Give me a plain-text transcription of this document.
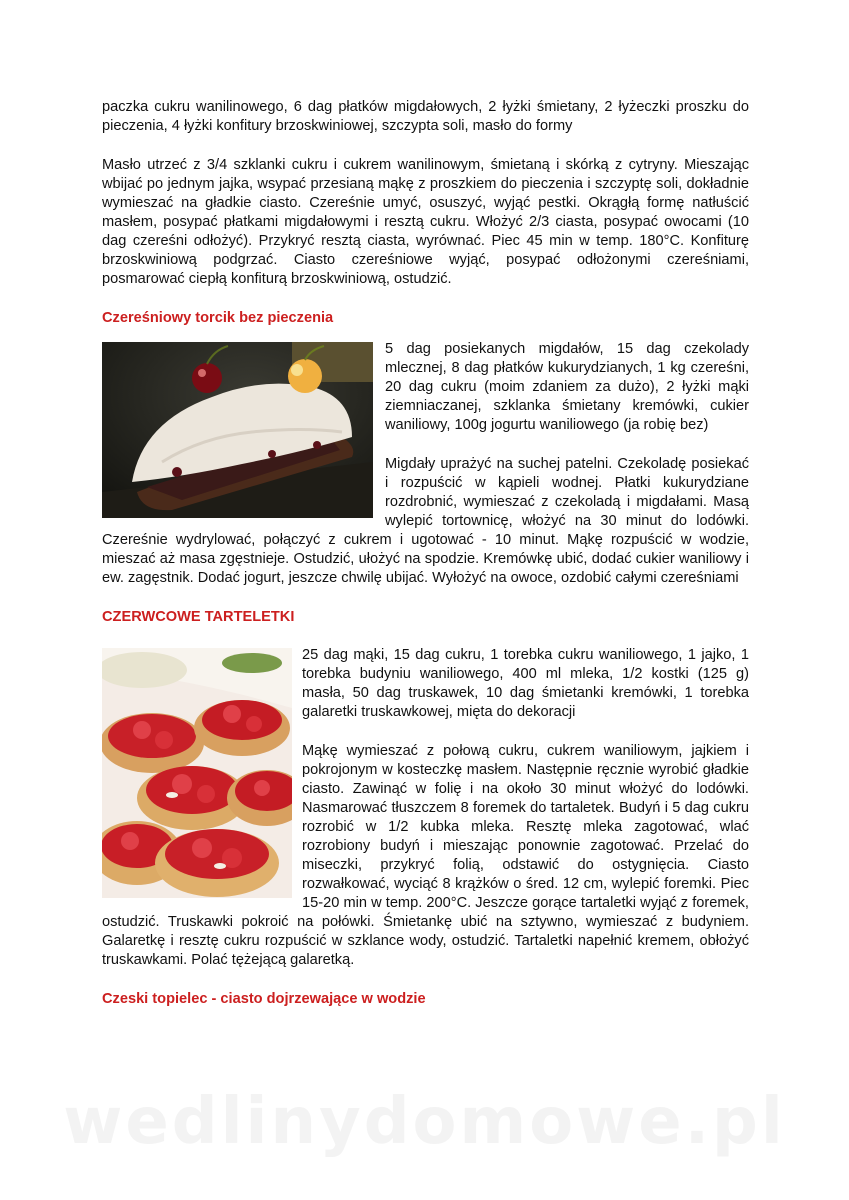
paczka cukru wanilinowego, 6 dag płatków migdałowych, 2 łyżki śmietany, 2 łyżeczki proszku do pieczenia, 4 łyżki konfitury brzoskwiniowej, szczypta soli, masło do formy

Masło utrzeć z 3/4 szklanki cukru i cukrem wanilinowym, śmietaną i skórką z cytryny. Mieszając wbijać po jednym jajka, wsypać przesianą mąkę z proszkiem do pieczenia i szczyptę soli, dokładnie wymieszać na gładkie ciasto. Czereśnie umyć, osuszyć, wyjąć pestki. Okrągłą formę natłuścić masłem, posypać płatkami migdałowymi i resztą cukru. Włożyć 2/3 ciasta, posypać owocami (10 dag czereśni odłożyć). Przykryć resztą ciasta, wyrównać. Piec 45 min w temp. 180°C. Konfiturę brzoskwiniową podgrzać. Ciasto czereśniowe wyjąć, posypać odłożonymi czereśniami, posmarować ciepłą konfiturą brzoskwiniową, ostudzić.

Czereśniowy torcik bez pieczenia

5 dag posiekanych migdałów, 15 dag czekolady mlecznej, 8 dag płatków kukurydzianych, 1 kg czereśni, 20 dag cukru (moim zdaniem za dużo), 2 łyżki mąki ziemniaczanej, szklanka śmietany kremówki, cukier waniliowy, 100g jogurtu waniliowego (ja robię bez)

Migdały uprażyć na suchej patelni. Czekoladę posiekać i rozpuścić w kąpieli wodnej. Płatki kukurydziane rozdrobnić, wymieszać z czekoladą i migdałami. Masą wylepić tortownicę, włożyć na 30 minut do lodówki. Czereśnie wydrylować, połączyć z cukrem i ugotować - 10 minut. Mąkę rozpuścić w wodzie, mieszać aż masa zgęstnieje. Ostudzić, ułożyć na spodzie. Kremówkę ubić, dodać cukier waniliowy i ew. zagęstnik. Dodać jogurt, jeszcze chwilę ubijać. Wyłożyć na owoce, ozdobić całymi czereśniami

CZERWCOWE TARTELETKI

25 dag mąki, 15 dag cukru, 1 torebka cukru waniliowego, 1 jajko, 1 torebka budyniu waniliowego, 400 ml mleka, 1/2 kostki (125 g) masła, 50 dag truskawek, 10 dag śmietanki kremówki, 1 torebka galaretki truskawkowej, mięta do dekoracji

Mąkę wymieszać z połową cukru, cukrem waniliowym, jajkiem i pokrojonym w kosteczkę masłem. Następnie ręcznie wyrobić gładkie ciasto. Zawinąć w folię i na około 30 minut włożyć do lodówki. Nasmarować tłuszczem 8 foremek do tartaletek. Budyń i 5 dag cukru rozrobić w 1/2 kubka mleka. Resztę mleka zagotować, wlać rozrobiony budyń i mieszając ponownie zagotować. Przelać do miseczki, przykryć folią, odstawić do ostygnięcia. Ciasto rozwałkować, wyciąć 8 krążków o śred. 12 cm, wylepić foremki. Piec 15-20 min w temp. 200°C. Jeszcze gorące tartaletki wyjąć z foremek, ostudzić. Truskawki pokroić na połówki. Śmietankę ubić na sztywno, wymieszać z budyniem. Galaretkę i resztę cukru rozpuścić w szklance wody, ostudzić. Tartaletki napełnić kremem, obłożyć truskawkami. Polać tężejącą galaretką.

Czeski topielec - ciasto dojrzewające w wodzie
wedlinydomowe.pl
